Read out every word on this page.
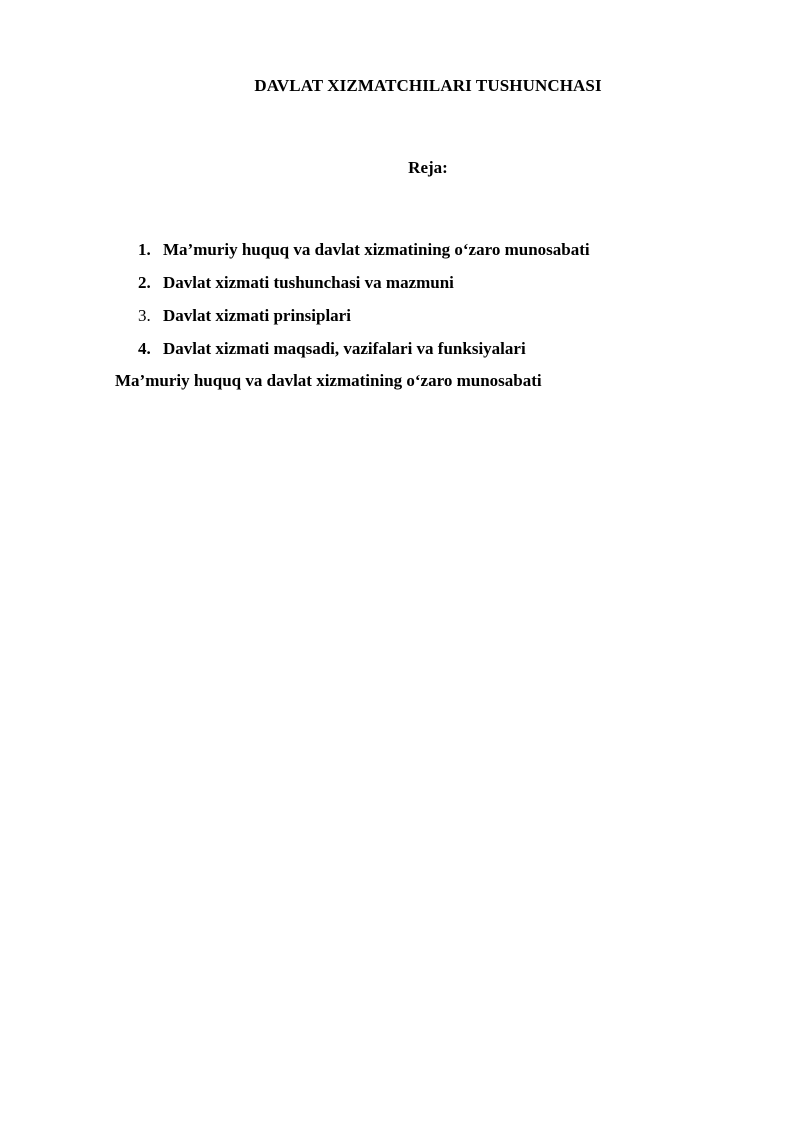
DAVLAT XIZMATCHILARI TUSHUNCHASI
Reja:
1. Ma’muriy huquq va davlat xizmatining o‘zaro munosabati
2. Davlat xizmati tushunchasi va mazmuni
3. Davlat xizmati prinsiplari
4. Davlat xizmati maqsadi, vazifalari va funksiyalari
Ma’muriy huquq va davlat xizmatining o‘zaro munosabati
